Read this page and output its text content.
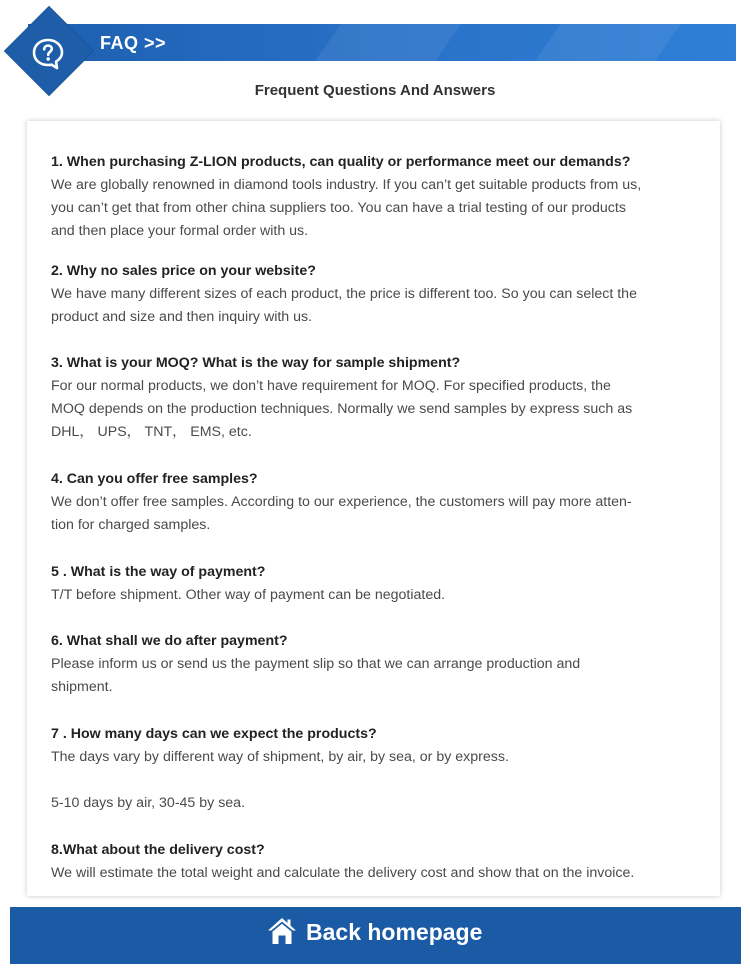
FAQ >>
Frequent Questions And Answers
1. When purchasing Z-LION products, can quality or performance meet our demands?
We are globally renowned in diamond tools industry. If you can’t get suitable products from us,
you can’t get that from other china suppliers too. You can have a trial testing of our products
and then place your formal order with us.
2. Why no sales price on your website?
We have many different sizes of each product, the price is different too. So you can select the
product and size and then inquiry with us.
3. What is your MOQ? What is the way for sample shipment?
For our normal products, we don’t have requirement for MOQ. For specified products, the
MOQ depends on the production techniques. Normally we send samples by express such as
DHL， UPS， TNT， EMS, etc.
4. Can you offer free samples?
We don’t offer free samples. According to our experience, the customers will pay more atten-
tion for charged samples.
5 . What is the way of payment?
T/T before shipment. Other way of payment can be negotiated.
6. What shall we do after payment?
Please inform us or send us the payment slip so that we can arrange production and
shipment.
7 . How many days can we expect the products?
The days vary by different way of shipment, by air, by sea, or by express.
5-10 days by air, 30-45 by sea.
8.What about the delivery cost?
We will estimate the total weight and calculate the delivery cost and show that on the invoice.
Back homepage
